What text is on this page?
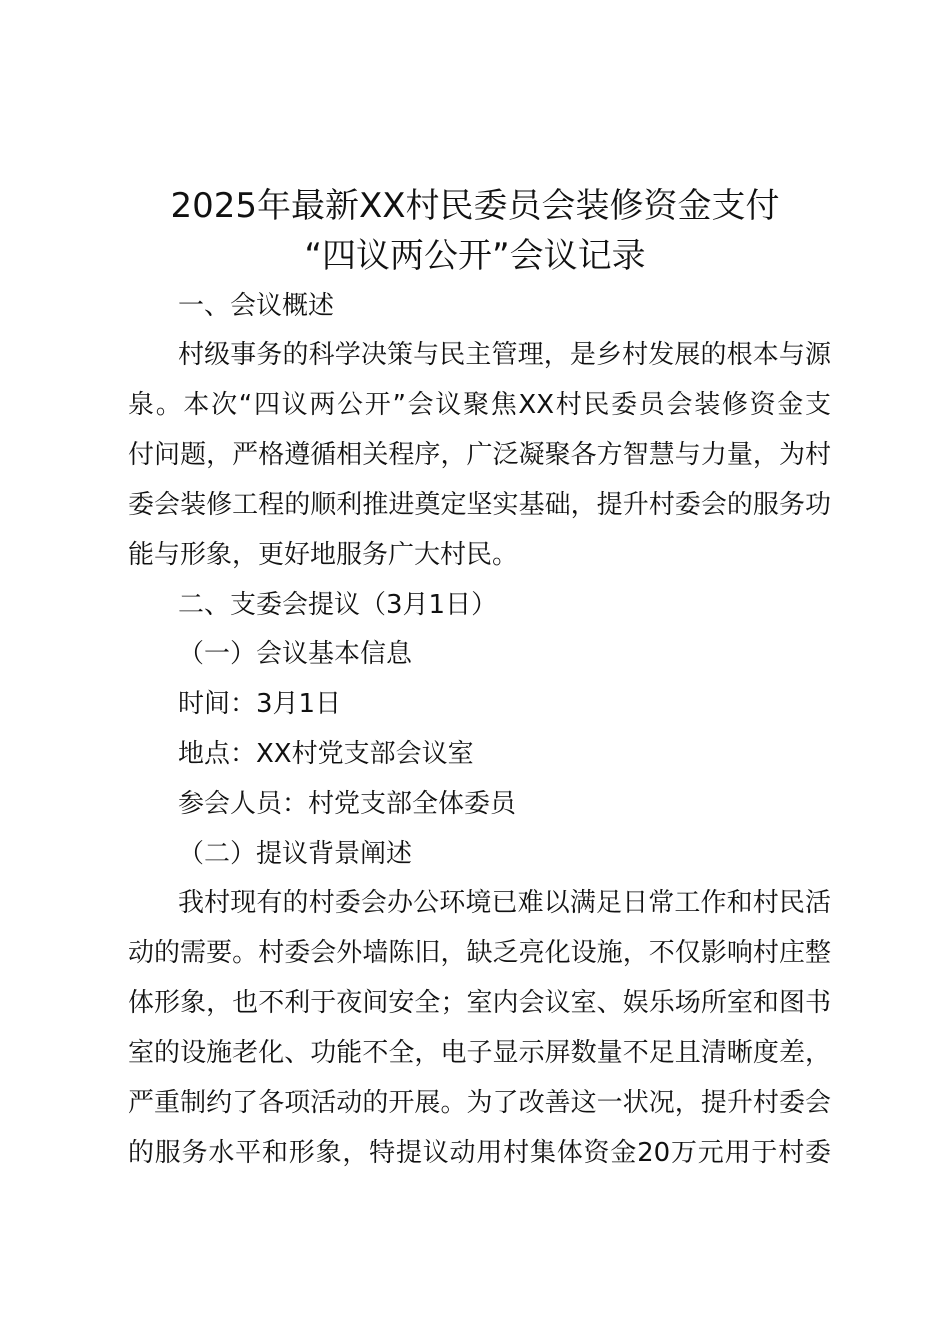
2025年最新XX村民委员会装修资金支付
“四议两公开”会议记录
一、会议概述
村级事务的科学决策与民主管理，是乡村发展的根本与源
泉。本次“四议两公开”会议聚焦XX村民委员会装修资金支
付问题，严格遵循相关程序，广泛凝聚各方智慧与力量，为村
委会装修工程的顺利推进奠定坚实基础，提升村委会的服务功
能与形象，更好地服务广大村民。
二、支委会提议（3月1日）
（一）会议基本信息
时间：3月1日
地点：XX村党支部会议室
参会人员：村党支部全体委员
（二）提议背景阐述
我村现有的村委会办公环境已难以满足日常工作和村民活
动的需要。村委会外墙陈旧，缺乏亮化设施，不仅影响村庄整
体形象，也不利于夜间安全；室内会议室、娱乐场所室和图书
室的设施老化、功能不全，电子显示屏数量不足且清晰度差，
严重制约了各项活动的开展。为了改善这一状况，提升村委会
的服务水平和形象，特提议动用村集体资金20万元用于村委
